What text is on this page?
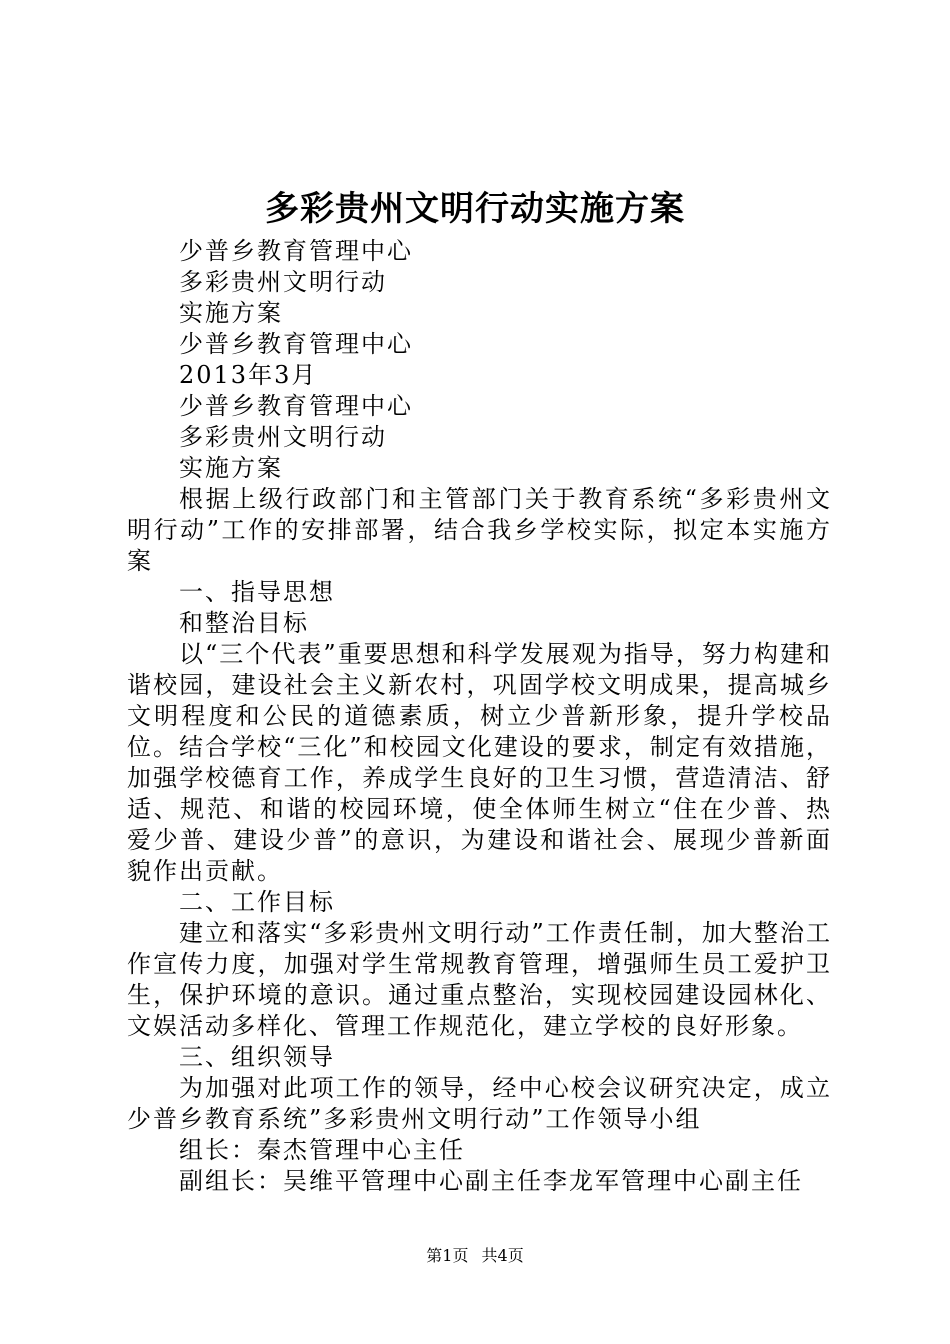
多彩贵州文明行动实施方案
少普乡教育管理中心
多彩贵州文明行动
实施方案
少普乡教育管理中心
2013年3月
少普乡教育管理中心
多彩贵州文明行动
实施方案

根据上级行政部门和主管部门关于教育系统“多彩贵州文明行动”工作的安排部署，结合我乡学校实际，拟定本实施方案

一、指导思想
和整治目标

以“三个代表”重要思想和科学发展观为指导，努力构建和谐校园，建设社会主义新农村，巩固学校文明成果，提高城乡文明程度和公民的道德素质，树立少普新形象，提升学校品位。结合学校“三化”和校园文化建设的要求，制定有效措施，加强学校德育工作，养成学生良好的卫生习惯，营造清洁、舒适、规范、和谐的校园环境，使全体师生树立“住在少普、热爱少普、建设少普”的意识，为建设和谐社会、展现少普新面貌作出贡献。

二、工作目标

建立和落实“多彩贵州文明行动”工作责任制，加大整治工作宣传力度，加强对学生常规教育管理，增强师生员工爱护卫生，保护环境的意识。通过重点整治，实现校园建设园林化、文娱活动多样化、管理工作规范化，建立学校的良好形象。

三、组织领导

为加强对此项工作的领导，经中心校会议研究决定，成立少普乡教育系统”多彩贵州文明行动”工作领导小组

组长：秦杰管理中心主任
副组长：吴维平管理中心副主任李龙军管理中心副主任
第1页 共4页
